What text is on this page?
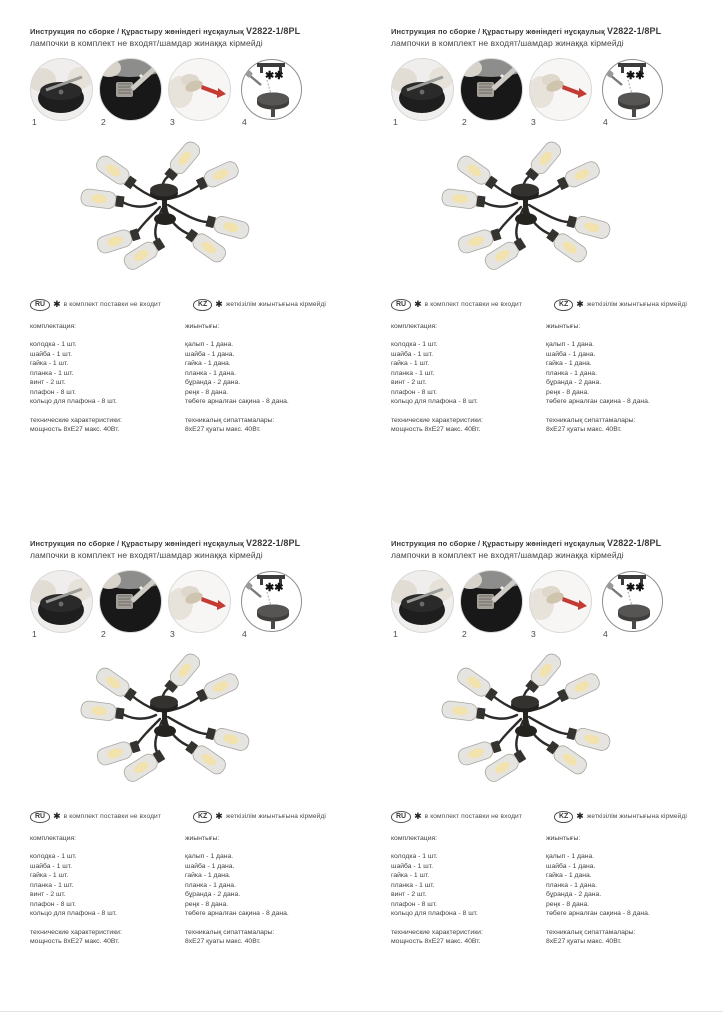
Инструкция по сборке / Құрастыру жөніндегі нұсқаулық V2822-1/8PL
лампочки в комплект не входят/шамдар жинаққа кірмейді
1	2	3
✱✱
4
RU ✱ в комплект поставки не входит	KZ ✱ жеткізілім жиынтығына кірмейді
комплектация:
колодка - 1 шт.
шайба - 1 шт.
гайка - 1 шт.
планка - 1 шт.
винт - 2 шт.
плафон - 8 шт.
кольцо для плафона - 8 шт.
технические характеристики:
мощность 8хЕ27 макс. 40Вт.
жиынтығы:
қалып - 1 дана.
шайба - 1 дана.
гайка - 1 дана.
планка - 1 дана.
бұранда - 2 дана.
реңк - 8 дана.
төбеге арналған сақина - 8 дана.
техникалық сипаттамалары:
8хЕ27 қуаты макс. 40Вт.
Инструкция по сборке / Құрастыру жөніндегі нұсқаулық V2822-1/8PL
лампочки в комплект не входят/шамдар жинаққа кірмейді
1	2	3
✱✱
4
RU ✱ в комплект поставки не входит	KZ ✱ жеткізілім жиынтығына кірмейді
комплектация:
колодка - 1 шт.
шайба - 1 шт.
гайка - 1 шт.
планка - 1 шт.
винт - 2 шт.
плафон - 8 шт.
кольцо для плафона - 8 шт.
технические характеристики:
мощность 8хЕ27 макс. 40Вт.
жиынтығы:
қалып - 1 дана.
шайба - 1 дана.
гайка - 1 дана.
планка - 1 дана.
бұранда - 2 дана.
реңк - 8 дана.
төбеге арналған сақина - 8 дана.
техникалық сипаттамалары:
8хЕ27 қуаты макс. 40Вт.
Инструкция по сборке / Құрастыру жөніндегі нұсқаулық V2822-1/8PL
лампочки в комплект не входят/шамдар жинаққа кірмейді
1	2	3
✱✱
4
RU ✱ в комплект поставки не входит	KZ ✱ жеткізілім жиынтығына кірмейді
комплектация:
колодка - 1 шт.
шайба - 1 шт.
гайка - 1 шт.
планка - 1 шт.
винт - 2 шт.
плафон - 8 шт.
кольцо для плафона - 8 шт.
технические характеристики:
мощность 8хЕ27 макс. 40Вт.
жиынтығы:
қалып - 1 дана.
шайба - 1 дана.
гайка - 1 дана.
планка - 1 дана.
бұранда - 2 дана.
реңк - 8 дана.
төбеге арналған сақина - 8 дана.
техникалық сипаттамалары:
8хЕ27 қуаты макс. 40Вт.
Инструкция по сборке / Құрастыру жөніндегі нұсқаулық V2822-1/8PL
лампочки в комплект не входят/шамдар жинаққа кірмейді
1	2	3
✱✱
4
RU ✱ в комплект поставки не входит	KZ ✱ жеткізілім жиынтығына кірмейді
комплектация:
колодка - 1 шт.
шайба - 1 шт.
гайка - 1 шт.
планка - 1 шт.
винт - 2 шт.
плафон - 8 шт.
кольцо для плафона - 8 шт.
технические характеристики:
мощность 8хЕ27 макс. 40Вт.
жиынтығы:
қалып - 1 дана.
шайба - 1 дана.
гайка - 1 дана.
планка - 1 дана.
бұранда - 2 дана.
реңк - 8 дана.
төбеге арналған сақина - 8 дана.
техникалық сипаттамалары:
8хЕ27 қуаты макс. 40Вт.
